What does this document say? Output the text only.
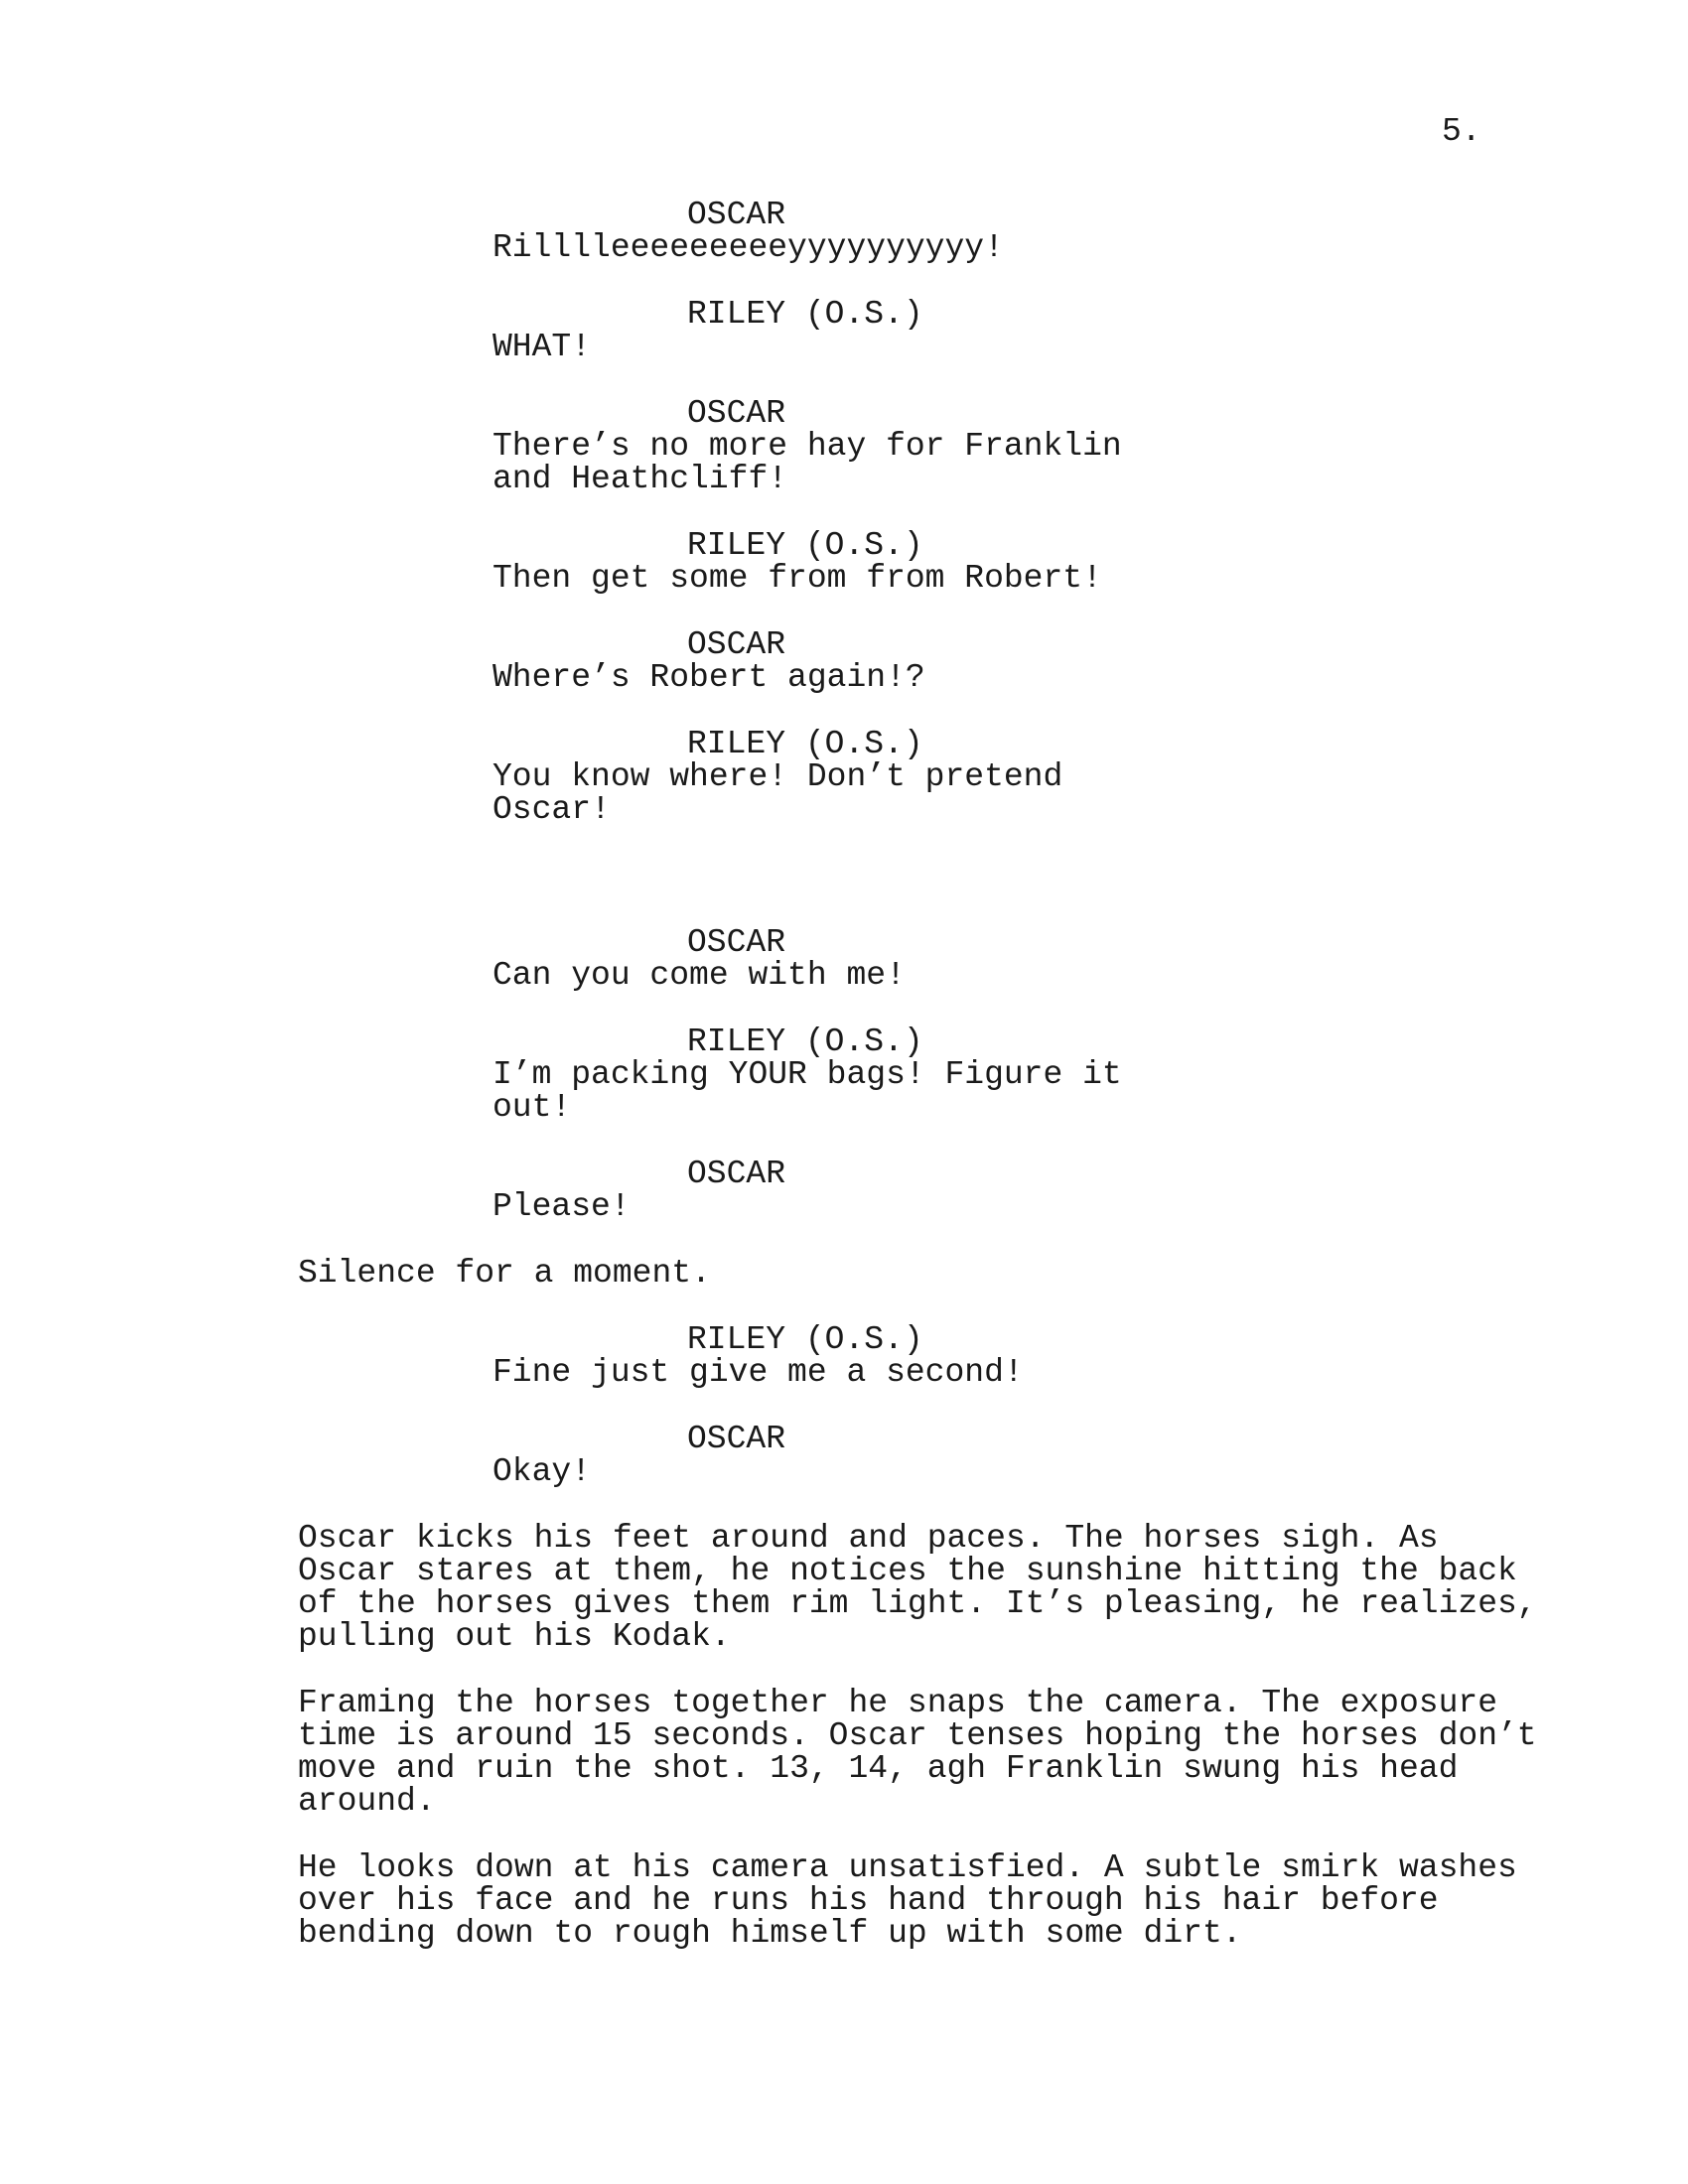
5.
OSCAR
Rilllleeeeeeeeeyyyyyyyyyy!
RILEY (O.S.)
WHAT!
OSCAR
There’s no more hay for Franklin
and Heathcliff!
RILEY (O.S.)
Then get some from from Robert!
OSCAR
Where’s Robert again!?
RILEY (O.S.)
You know where! Don’t pretend
Oscar!
OSCAR
Can you come with me!
RILEY (O.S.)
I’m packing YOUR bags! Figure it
out!
OSCAR
Please!
Silence for a moment.
RILEY (O.S.)
Fine just give me a second!
OSCAR
Okay!
Oscar kicks his feet around and paces. The horses sigh. As
Oscar stares at them, he notices the sunshine hitting the back
of the horses gives them rim light. It’s pleasing, he realizes,
pulling out his Kodak.
Framing the horses together he snaps the camera. The exposure
time is around 15 seconds. Oscar tenses hoping the horses don’t
move and ruin the shot. 13, 14, agh Franklin swung his head
around.
He looks down at his camera unsatisfied. A subtle smirk washes
over his face and he runs his hand through his hair before
bending down to rough himself up with some dirt.
